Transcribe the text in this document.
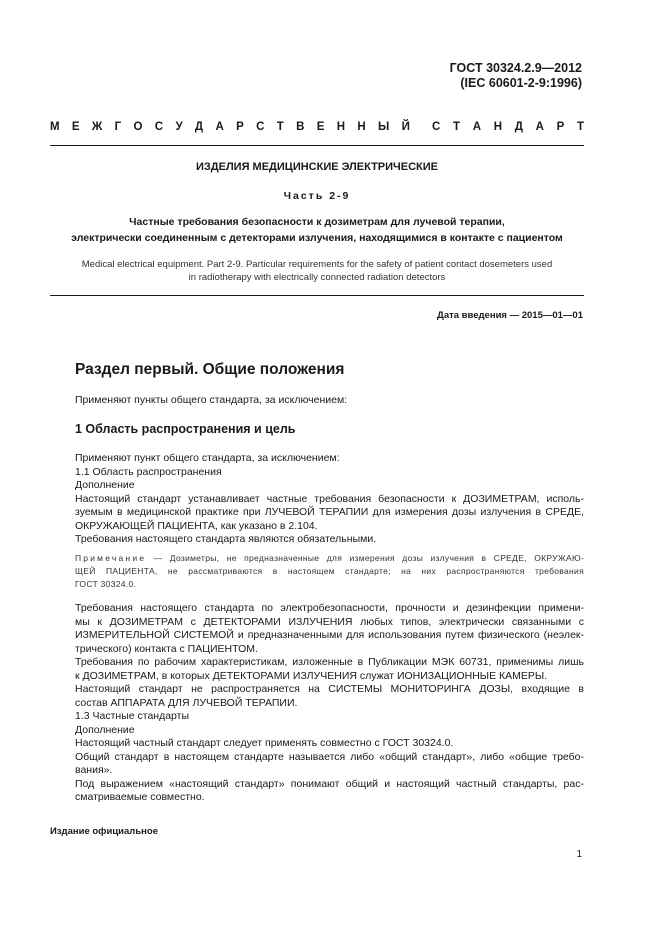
ГОСТ 30324.2.9—2012
(IEC 60601-2-9:1996)
М Е Ж Г О С У Д А Р С Т В Е Н Н Ы Й С Т А Н Д А Р Т
ИЗДЕЛИЯ МЕДИЦИНСКИЕ ЭЛЕКТРИЧЕСКИЕ
Часть 2-9
Частные требования безопасности к дозиметрам для лучевой терапии,
электрически соединенным с детекторами излучения, находящимися в контакте с пациентом
Medical electrical equipment. Part 2-9. Particular requirements for the safety of patient contact dosemeters used
in radiotherapy with electrically connected radiation detectors
Дата введения — 2015—01—01
Раздел первый. Общие положения
Применяют пункты общего стандарта, за исключением:
1 Область распространения и цель
Применяют пункт общего стандарта, за исключением:
1.1 Область распространения
Дополнение
Настоящий стандарт устанавливает частные требования безопасности к ДОЗИМЕТРАМ, исполь-
зуемым в медицинской практике при ЛУЧЕВОЙ ТЕРАПИИ для измерения дозы излучения в СРЕДЕ,
ОКРУЖАЮЩЕЙ ПАЦИЕНТА, как указано в 2.104.
Требования настоящего стандарта являются обязательными.
Примечание — Дозиметры, не предназначенные для измерения дозы излучения в СРЕДЕ, ОКРУЖАЮ-
ЩЕЙ ПАЦИЕНТА, не рассматриваются в настоящем стандарте; на них распространяются требования
ГОСТ 30324.0.
Требования настоящего стандарта по электробезопасности, прочности и дезинфекции примени-
мы к ДОЗИМЕТРАМ с ДЕТЕКТОРАМИ ИЗЛУЧЕНИЯ любых типов, электрически связанными с
ИЗМЕРИТЕЛЬНОЙ СИСТЕМОЙ и предназначенными для использования путем физического (неэлек-
трического) контакта с ПАЦИЕНТОМ.
Требования по рабочим характеристикам, изложенные в Публикации МЭК 60731, применимы лишь
к ДОЗИМЕТРАМ, в которых ДЕТЕКТОРАМИ ИЗЛУЧЕНИЯ служат ИОНИЗАЦИОННЫЕ КАМЕРЫ.
Настоящий стандарт не распространяется на СИСТЕМЫ МОНИТОРИНГА ДОЗЫ, входящие в
состав АППАРАТА ДЛЯ ЛУЧЕВОЙ ТЕРАПИИ.
1.3 Частные стандарты
Дополнение
Настоящий частный стандарт следует применять совместно с ГОСТ 30324.0.
Общий стандарт в настоящем стандарте называется либо «общий стандарт», либо «общие требо-
вания».
Под выражением «настоящий стандарт» понимают общий и настоящий частный стандарты, рас-
сматриваемые совместно.
Издание официальное
1
